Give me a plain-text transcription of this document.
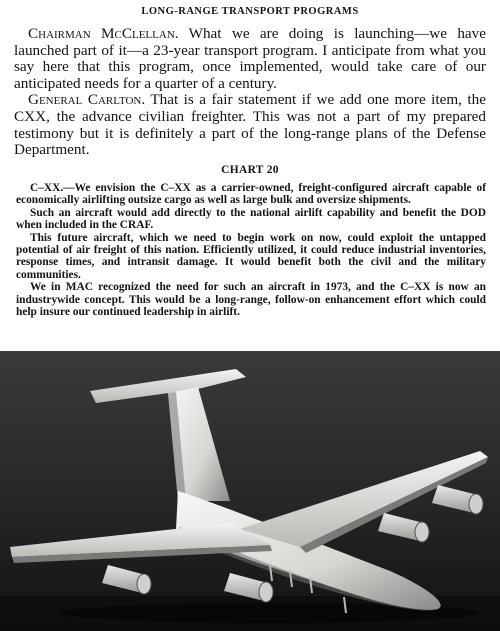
LONG-RANGE TRANSPORT PROGRAMS

Chairman McClellan. What we are doing is launching—we have launched part of it—a 23-year transport program. I anticipate from what you say here that this program, once implemented, would take care of our anticipated needs for a quarter of a century.

General Carlton. That is a fair statement if we add one more item, the CXX, the advance civilian freighter. This was not a part of my prepared testimony but it is definitely a part of the long-range plans of the Defense Department.

CHART 20

C–XX.—We envision the C–XX as a carrier-owned, freight-configured aircraft capable of economically airlifting outsize cargo as well as large bulk and oversize shipments.

Such an aircraft would add directly to the national airlift capability and benefit the DOD when included in the CRAF.

This future aircraft, which we need to begin work on now, could exploit the untapped potential of air freight of this nation. Efficiently utilized, it could reduce industrial inventories, response times, and intransit damage. It would benefit both the civil and the military communities.

We in MAC recognized the need for such an aircraft in 1973, and the C–XX is now an industrywide concept. This would be a long-range, follow-on enhancement effort which could help insure our continued leadership in airlift.
